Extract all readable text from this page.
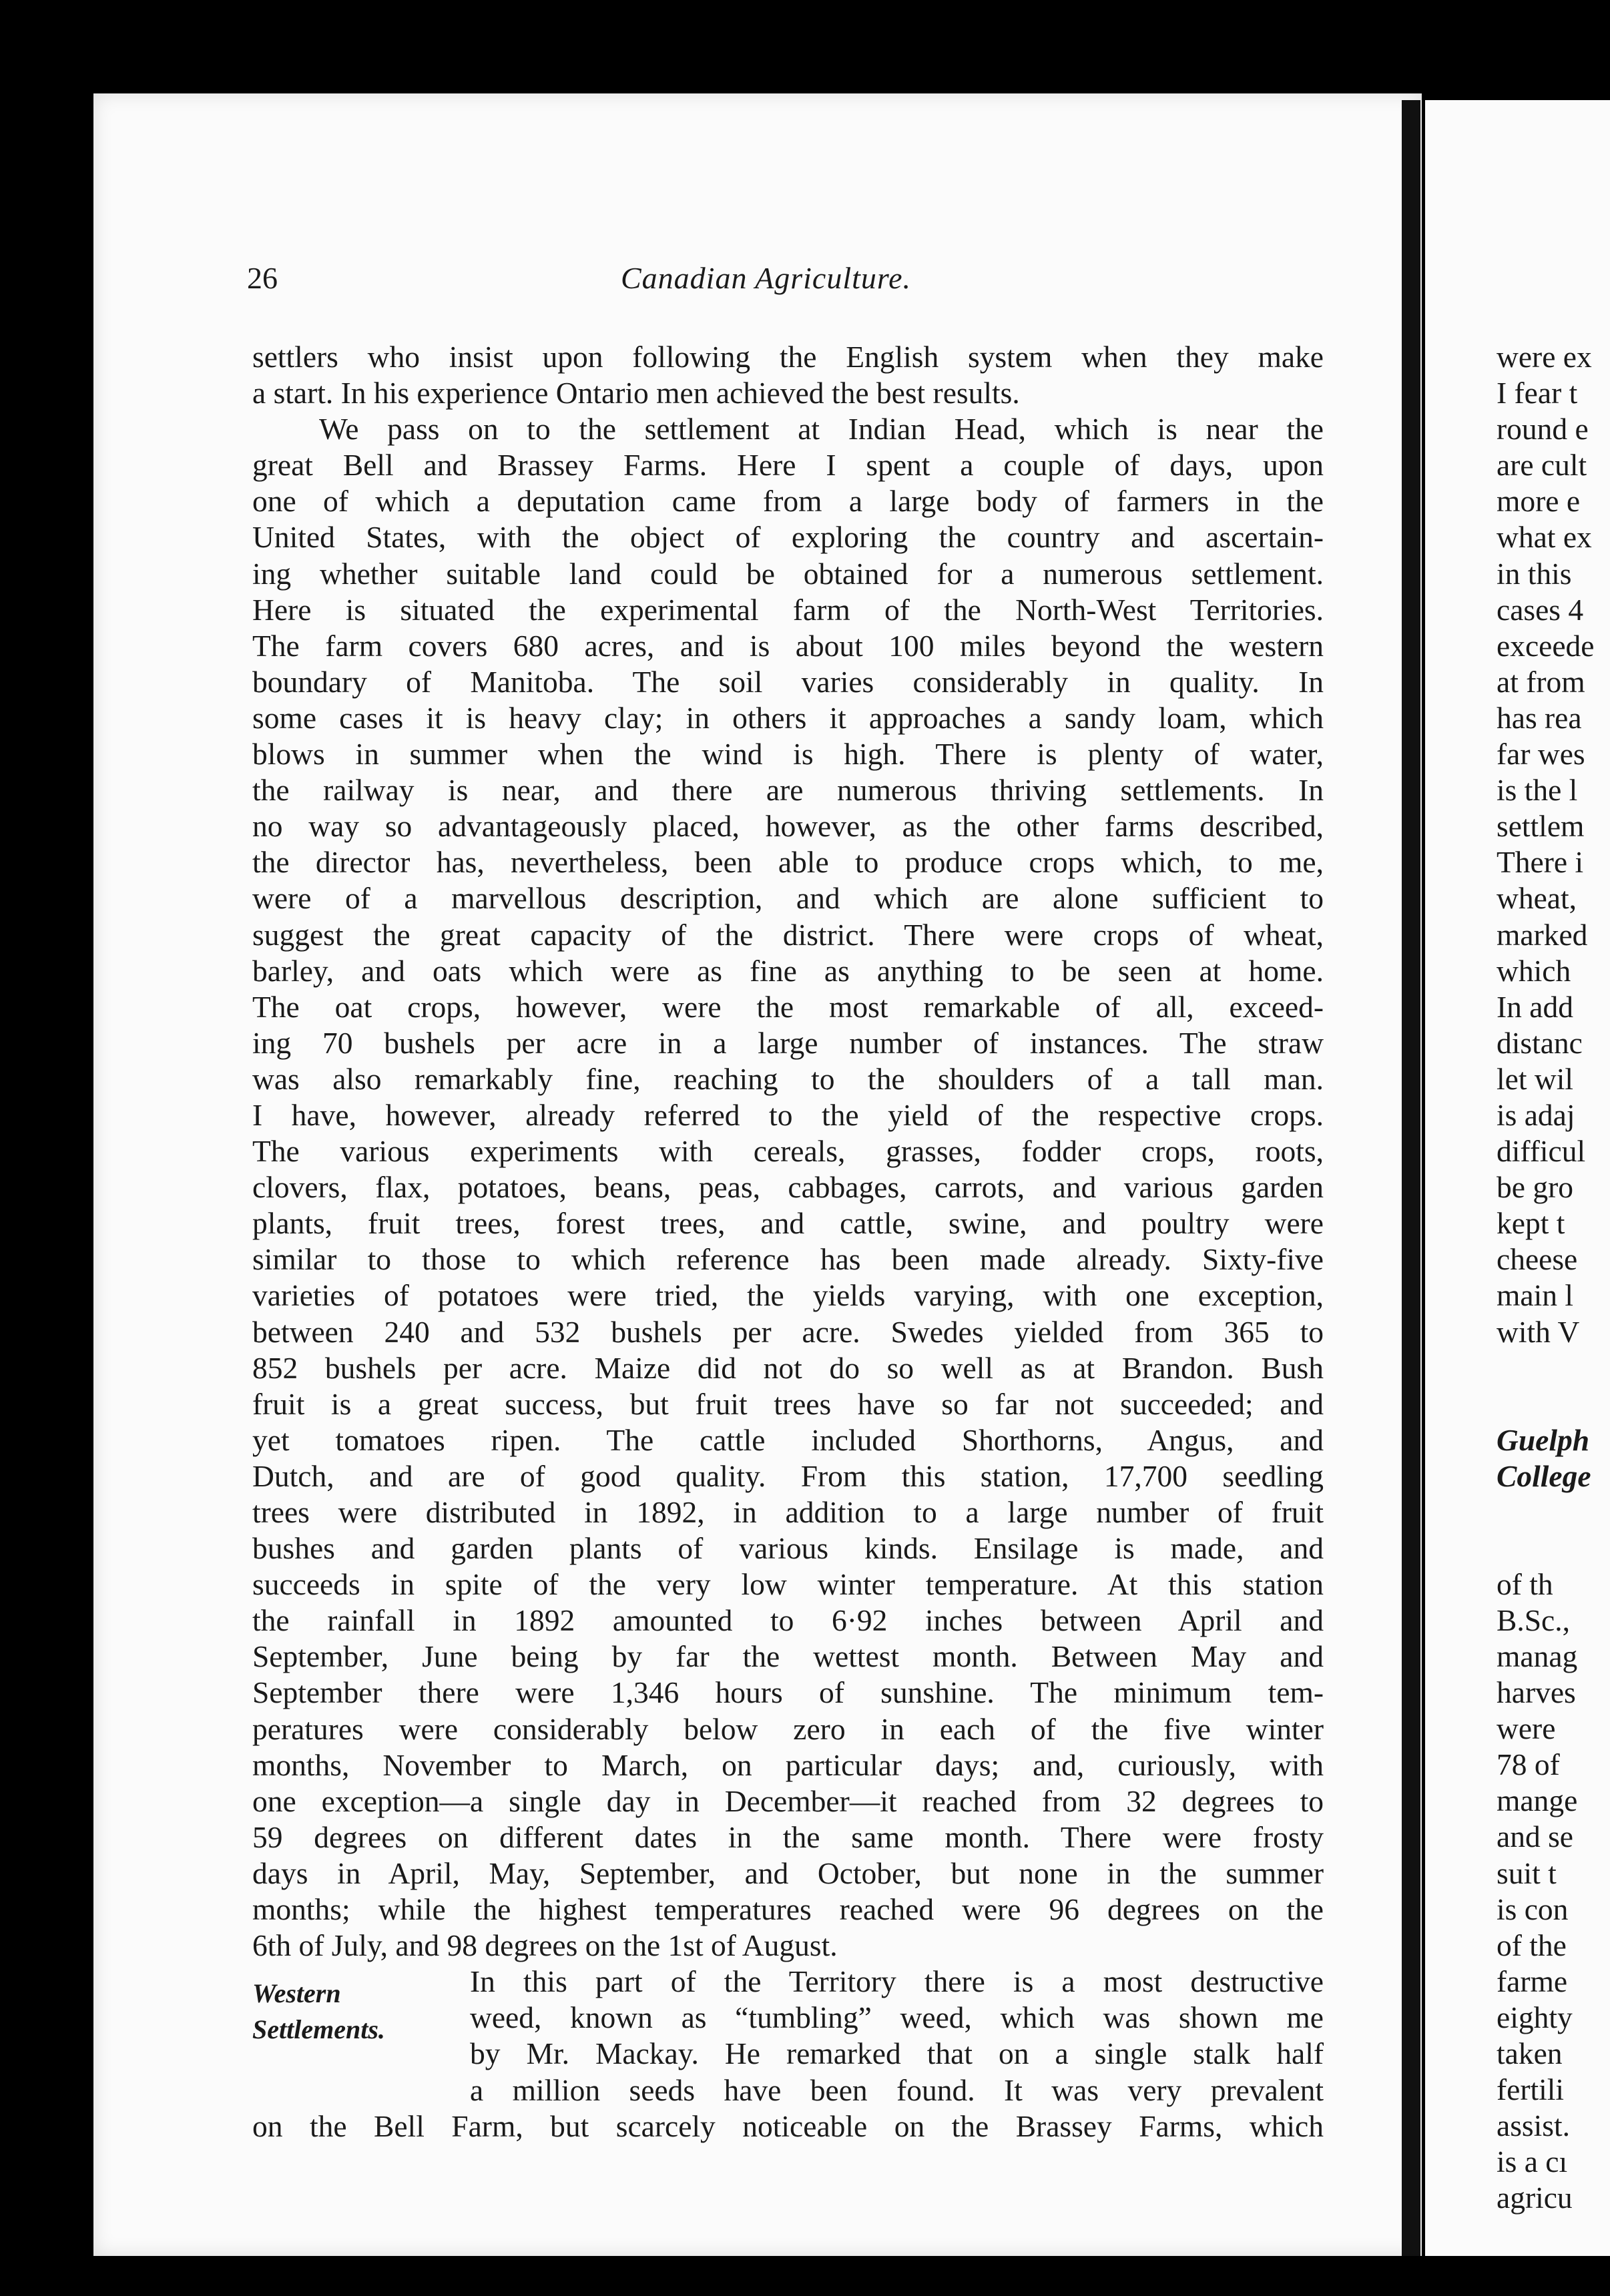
26	Canadian Agriculture.
settlers who insist upon following the English system when they make
a start. In his experience Ontario men achieved the best results.
We pass on to the settlement at Indian Head, which is near the
great Bell and Brassey Farms. Here I spent a couple of days, upon
one of which a deputation came from a large body of farmers in the
United States, with the object of exploring the country and ascertain-
ing whether suitable land could be obtained for a numerous settlement.
Here is situated the experimental farm of the North-West Territories.
The farm covers 680 acres, and is about 100 miles beyond the western
boundary of Manitoba. The soil varies considerably in quality. In
some cases it is heavy clay; in others it approaches a sandy loam, which
blows in summer when the wind is high. There is plenty of water,
the railway is near, and there are numerous thriving settlements. In
no way so advantageously placed, however, as the other farms described,
the director has, nevertheless, been able to produce crops which, to me,
were of a marvellous description, and which are alone sufficient to
suggest the great capacity of the district. There were crops of wheat,
barley, and oats which were as fine as anything to be seen at home.
The oat crops, however, were the most remarkable of all, exceed-
ing 70 bushels per acre in a large number of instances. The straw
was also remarkably fine, reaching to the shoulders of a tall man.
I have, however, already referred to the yield of the respective crops.
The various experiments with cereals, grasses, fodder crops, roots,
clovers, flax, potatoes, beans, peas, cabbages, carrots, and various garden
plants, fruit trees, forest trees, and cattle, swine, and poultry were
similar to those to which reference has been made already. Sixty-five
varieties of potatoes were tried, the yields varying, with one exception,
between 240 and 532 bushels per acre. Swedes yielded from 365 to
852 bushels per acre. Maize did not do so well as at Brandon. Bush
fruit is a great success, but fruit trees have so far not succeeded; and
yet tomatoes ripen. The cattle included Shorthorns, Angus, and
Dutch, and are of good quality. From this station, 17,700 seedling
trees were distributed in 1892, in addition to a large number of fruit
bushes and garden plants of various kinds. Ensilage is made, and
succeeds in spite of the very low winter temperature. At this station
the rainfall in 1892 amounted to 6·92 inches between April and
September, June being by far the wettest month. Between May and
September there were 1,346 hours of sunshine. The minimum tem-
peratures were considerably below zero in each of the five winter
months, November to March, on particular days; and, curiously, with
one exception—a single day in December—it reached from 32 degrees to
59 degrees on different dates in the same month. There were frosty
days in April, May, September, and October, but none in the summer
months; while the highest temperatures reached were 96 degrees on the
6th of July, and 98 degrees on the 1st of August.
In this part of the Territory there is a most destructive
weed, known as “tumbling” weed, which was shown me
by Mr. Mackay. He remarked that on a single stalk half
a million seeds have been found. It was very prevalent
on the Bell Farm, but scarcely noticeable on the Brassey Farms, which
Western
Settlements.
were ex
I fear t
round e
are cult
more e
what ex
in this
cases 4
exceede
at from
has rea
far wes
is the l
settlem
There i
wheat,
marked
which
In add
distanc
let wil
is adaj
difficul
be gro
kept t
cheese
main l
with V
Guelph
College
of th
B.Sc.,
manag
harves
were
78 of
mange
and se
suit t
is con
of the
farme
eighty
taken
fertili
assist.
is a cı
agricu
